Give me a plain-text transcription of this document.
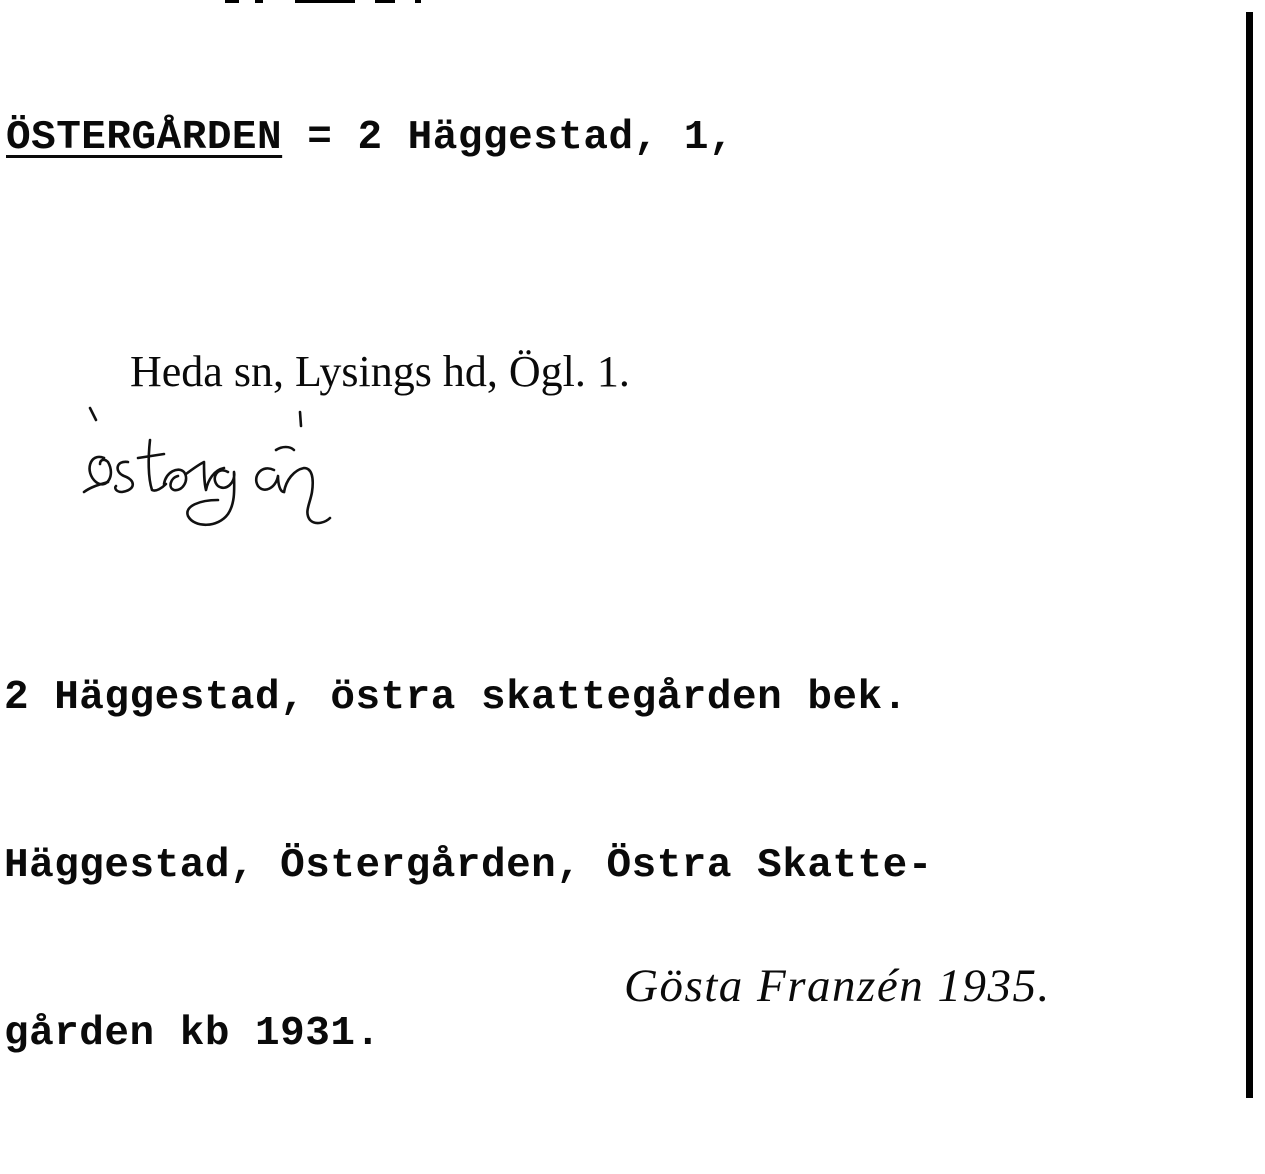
ÖSTERGÅRDEN = 2 Häggestad, 1,
Heda sn, Lysings hd, Ögl. 1.

2 Häggestad, östra skattegården bek.

Häggestad, Östergården, Östra Skatte-

gården kb 1931.

Gösta Franzén 1935.
